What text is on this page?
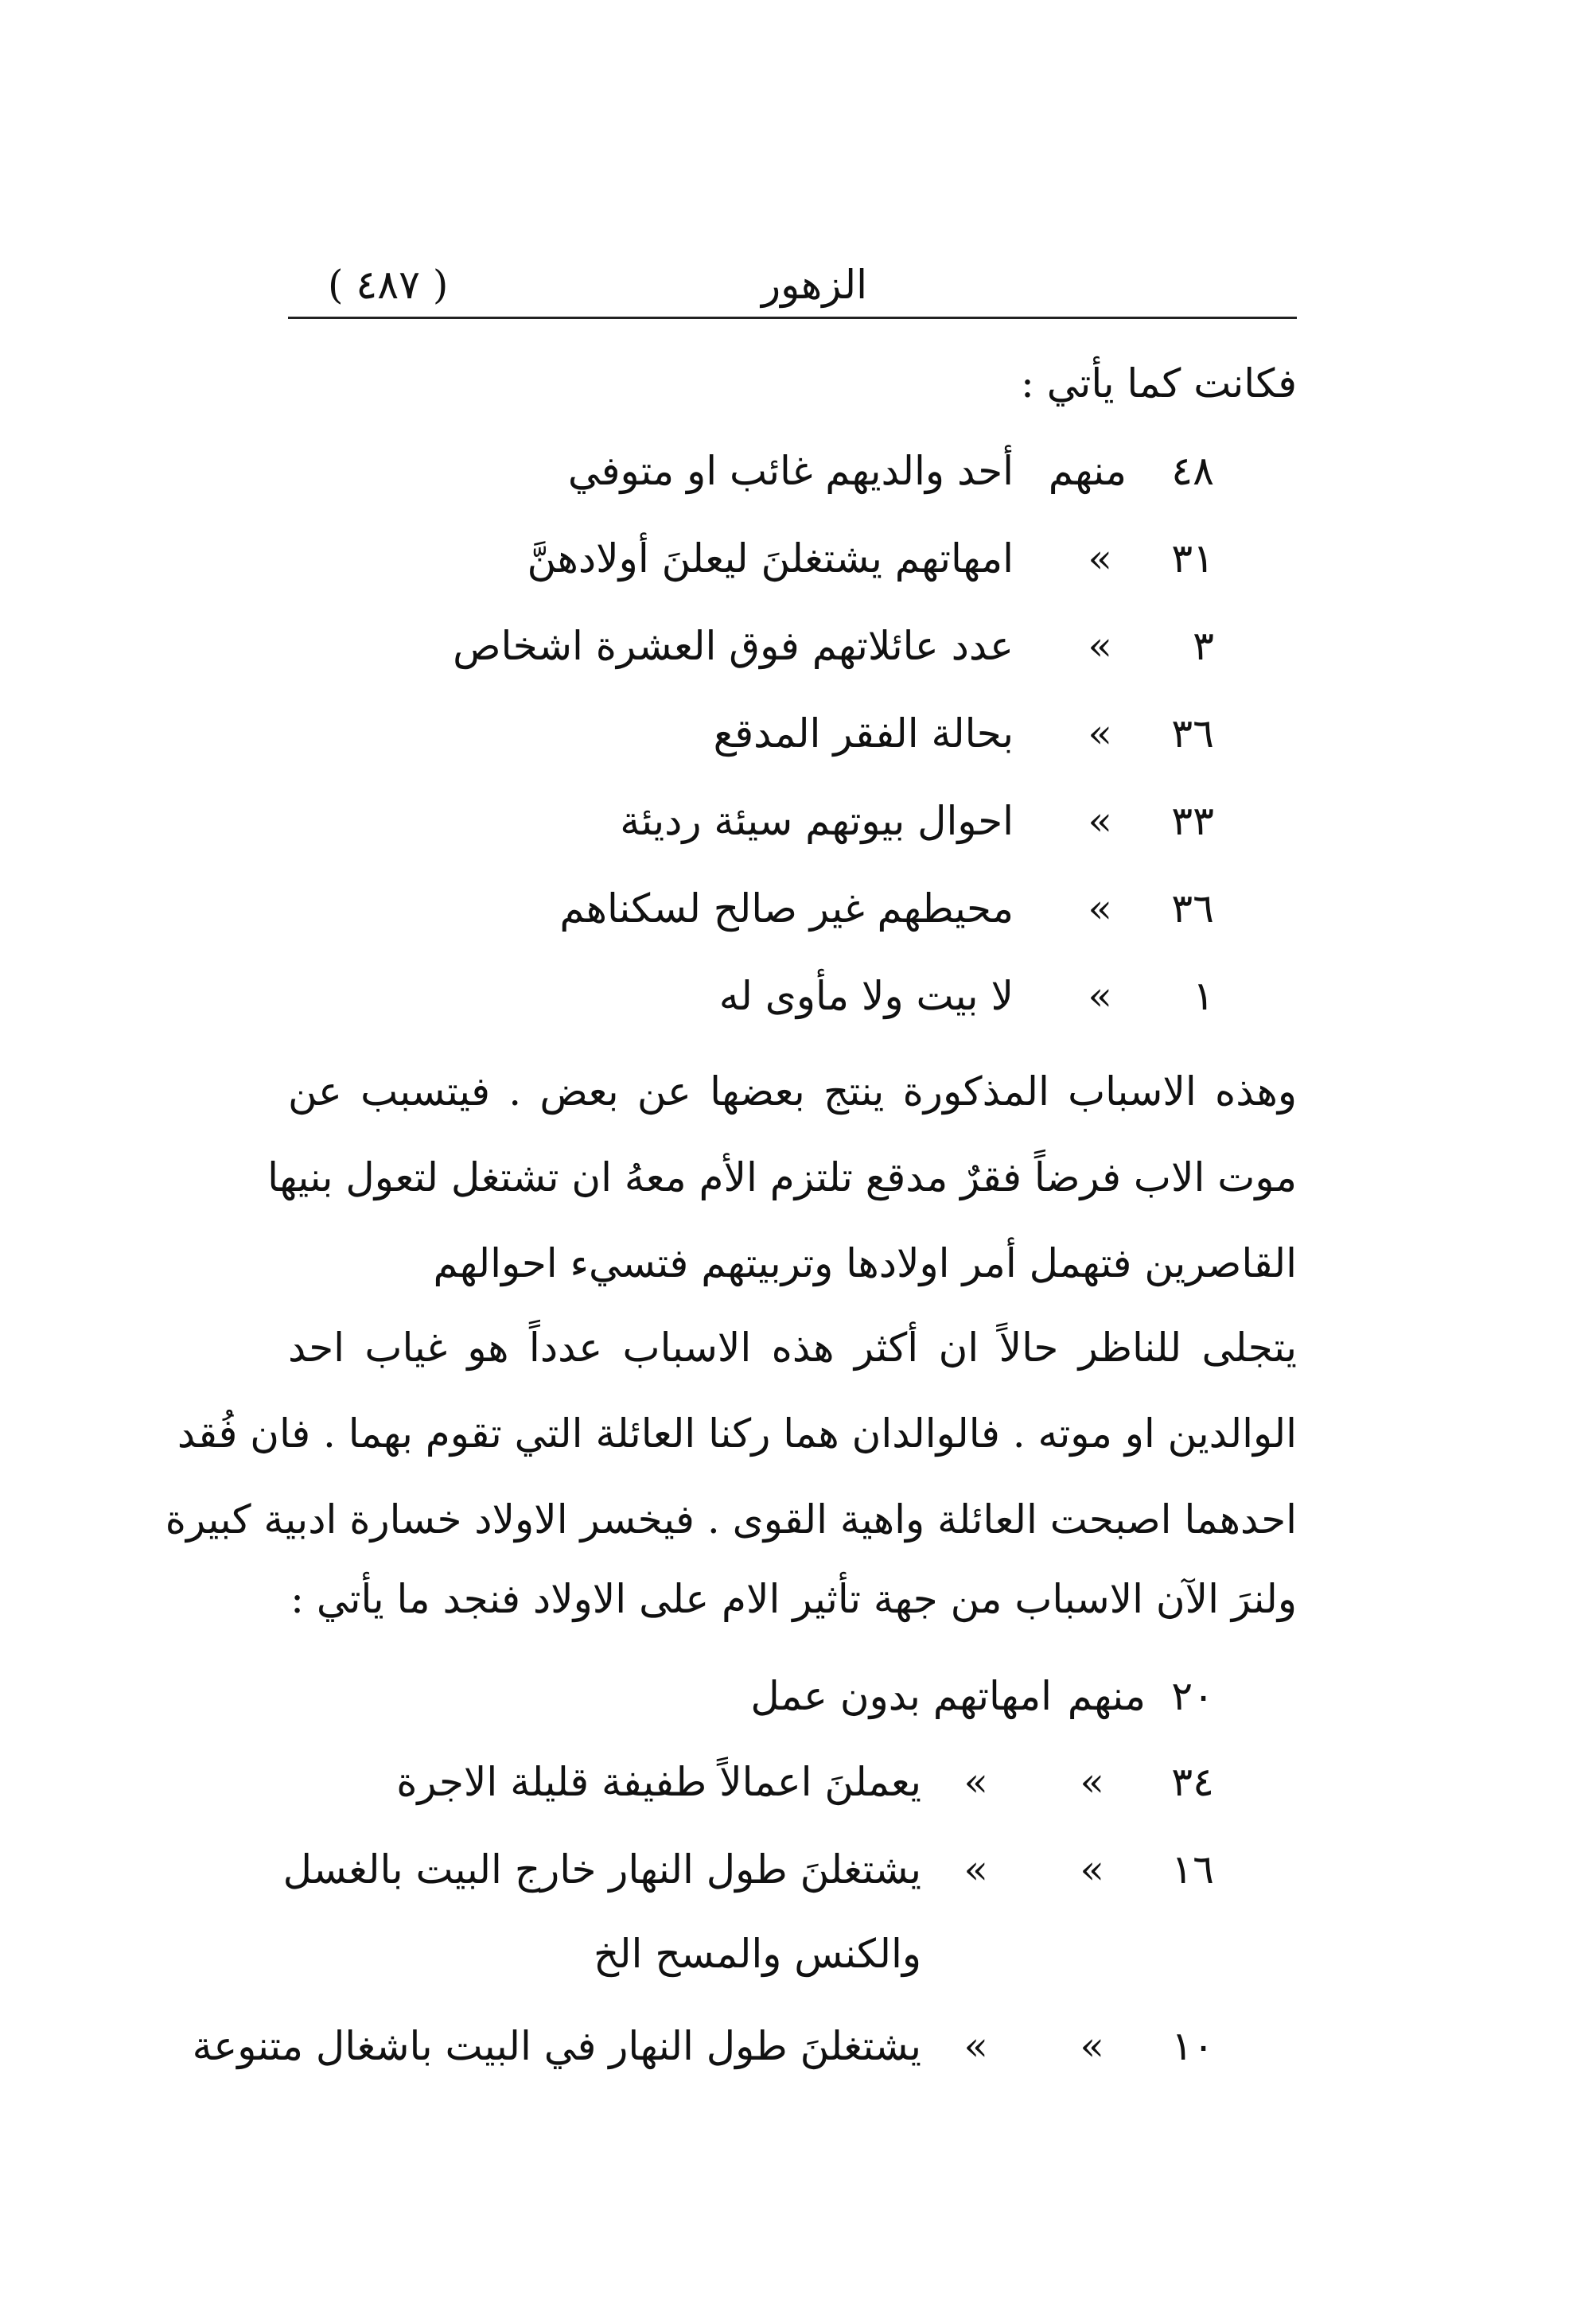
الزهور
( ٤٨٧ )
فكانت كما يأتي :
٤٨
منهم
أحد والديهم غائب او متوفي
٣١
»
امهاتهم يشتغلنَ ليعلنَ أولادهنَّ
٣
»
عدد عائلاتهم فوق العشرة اشخاص
٣٦
»
بحالة الفقر المدقع
٣٣
»
احوال بيوتهم سيئة رديئة
٣٦
»
محيطهم غير صالح لسكناهم
١
»
لا بيت ولا مأوى له
وهذه الاسباب المذكورة ينتج بعضها عن بعض . فيتسبب عن
موت الاب فرضاً فقرٌ مدقع تلتزم الأم معهُ ان تشتغل لتعول بنيها
القاصرين فتهمل أمر اولادها وتربيتهم فتسيء احوالهم
يتجلى للناظر حالاً ان أكثر هذه الاسباب عدداً هو غياب احد
الوالدين او موته . فالوالدان هما ركنا العائلة التي تقوم بهما . فان فُقد
احدهما اصبحت العائلة واهية القوى . فيخسر الاولاد خسارة ادبية كبيرة
ولنرَ الآن الاسباب من جهة تأثير الام على الاولاد فنجد ما يأتي :
٢٠
منهم
امهاتهم بدون عمل
٣٤
»
»
يعملنَ اعمالاً طفيفة قليلة الاجرة
١٦
»
»
يشتغلنَ طول النهار خارج البيت بالغسل
والكنس والمسح الخ
١٠
»
»
يشتغلنَ طول النهار في البيت باشغال متنوعة
